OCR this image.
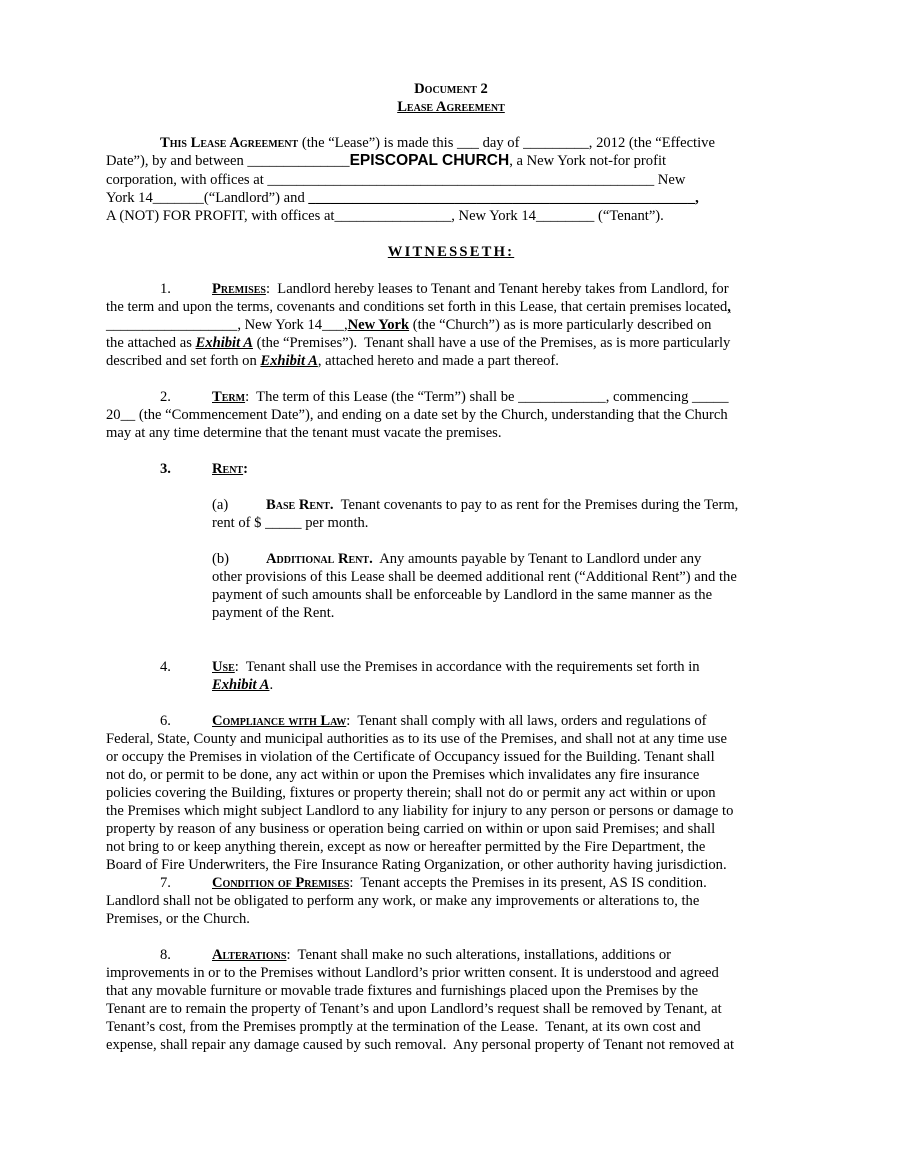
Document 2
Lease Agreement
This Lease Agreement (the “Lease”) is made this ___ day of _________, 2012 (the “Effective
Date”), by and between ______________EPISCOPAL CHURCH, a New York not-for profit
corporation, with offices at _____________________________________________________ New
York 14_______(“Landlord”) and _____________________________________________________,
A (NOT) FOR PROFIT, with offices at________________, New York 14________ (“Tenant”).
WITNESSETH:
1.	Premises:  Landlord hereby leases to Tenant and Tenant hereby takes from Landlord, for
the term and upon the terms, covenants and conditions set forth in this Lease, that certain premises located,
__________________, New York 14___,New York (the “Church”) as is more particularly described on
the attached as Exhibit A (the “Premises”).  Tenant shall have a use of the Premises, as is more particularly
described and set forth on Exhibit A, attached hereto and made a part thereof.
2.	Term:  The term of this Lease (the “Term”) shall be ____________, commencing _____
20__ (the “Commencement Date”), and ending on a date set by the Church, understanding that the Church
may at any time determine that the tenant must vacate the premises.
3.	Rent:
(a)	Base Rent.  Tenant covenants to pay to as rent for the Premises during the Term,
rent of $ _____ per month.
(b)	Additional Rent.  Any amounts payable by Tenant to Landlord under any
other provisions of this Lease shall be deemed additional rent (“Additional Rent”) and the
payment of such amounts shall be enforceable by Landlord in the same manner as the
payment of the Rent.
4.	Use:  Tenant shall use the Premises in accordance with the requirements set forth in
Exhibit A.
6.	Compliance with Law:  Tenant shall comply with all laws, orders and regulations of
Federal, State, County and municipal authorities as to its use of the Premises, and shall not at any time use
or occupy the Premises in violation of the Certificate of Occupancy issued for the Building. Tenant shall
not do, or permit to be done, any act within or upon the Premises which invalidates any fire insurance
policies covering the Building, fixtures or property therein; shall not do or permit any act within or upon
the Premises which might subject Landlord to any liability for injury to any person or persons or damage to
property by reason of any business or operation being carried on within or upon said Premises; and shall
not bring to or keep anything therein, except as now or hereafter permitted by the Fire Department, the
Board of Fire Underwriters, the Fire Insurance Rating Organization, or other authority having jurisdiction.
7.	Condition of Premises:  Tenant accepts the Premises in its present, AS IS condition.
Landlord shall not be obligated to perform any work, or make any improvements or alterations to, the
Premises, or the Church.
8.	Alterations:  Tenant shall make no such alterations, installations, additions or
improvements in or to the Premises without Landlord’s prior written consent. It is understood and agreed
that any movable furniture or movable trade fixtures and furnishings placed upon the Premises by the
Tenant are to remain the property of Tenant’s and upon Landlord’s request shall be removed by Tenant, at
Tenant’s cost, from the Premises promptly at the termination of the Lease.  Tenant, at its own cost and
expense, shall repair any damage caused by such removal.  Any personal property of Tenant not removed at
